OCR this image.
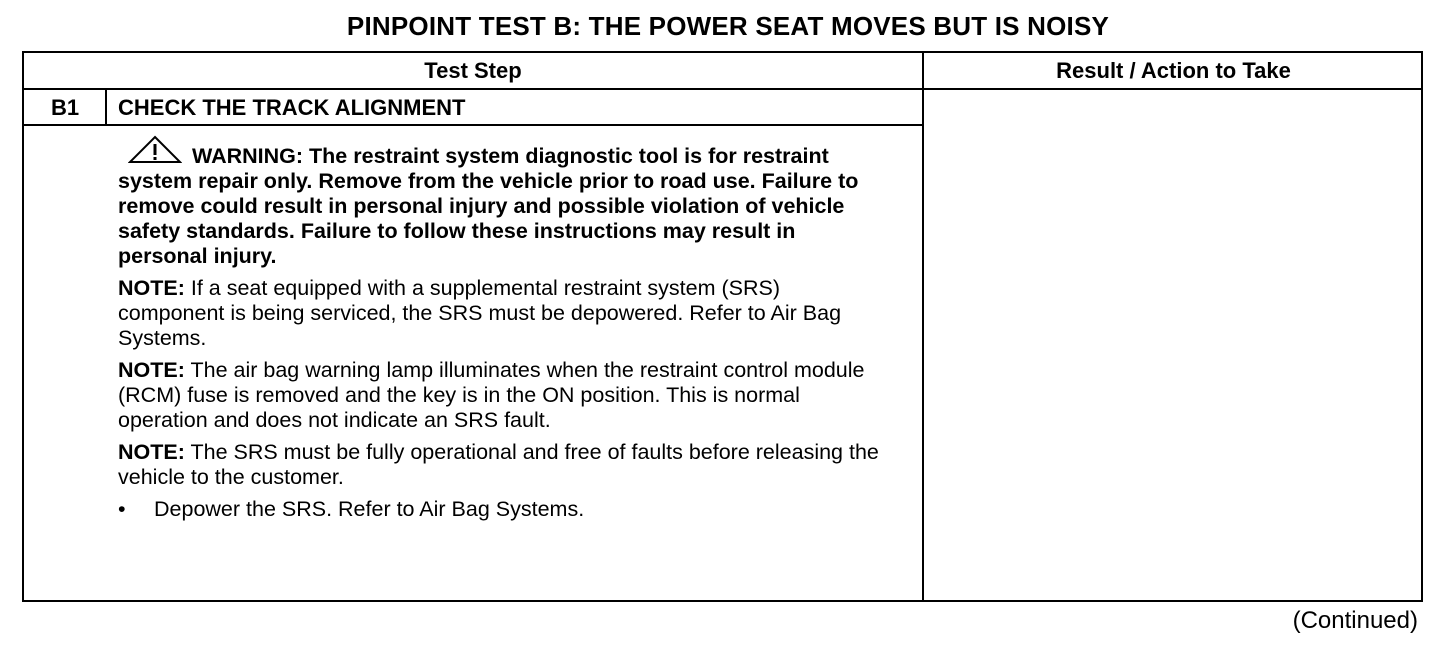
PINPOINT TEST B: THE POWER SEAT MOVES BUT IS NOISY
Test Step	Result / Action to Take
B1	CHECK THE TRACK ALIGNMENT

WARNING: The restraint system diagnostic tool is for restraint system repair only. Remove from the vehicle prior to road use. Failure to remove could result in personal injury and possible violation of vehicle safety standards. Failure to follow these instructions may result in personal injury.

NOTE: If a seat equipped with a supplemental restraint system (SRS) component is being serviced, the SRS must be depowered. Refer to Air Bag Systems.

NOTE: The air bag warning lamp illuminates when the restraint control module (RCM) fuse is removed and the key is in the ON position. This is normal operation and does not indicate an SRS fault.

NOTE: The SRS must be fully operational and free of faults before releasing the vehicle to the customer.

•	Depower the SRS. Refer to Air Bag Systems.

(Continued)
